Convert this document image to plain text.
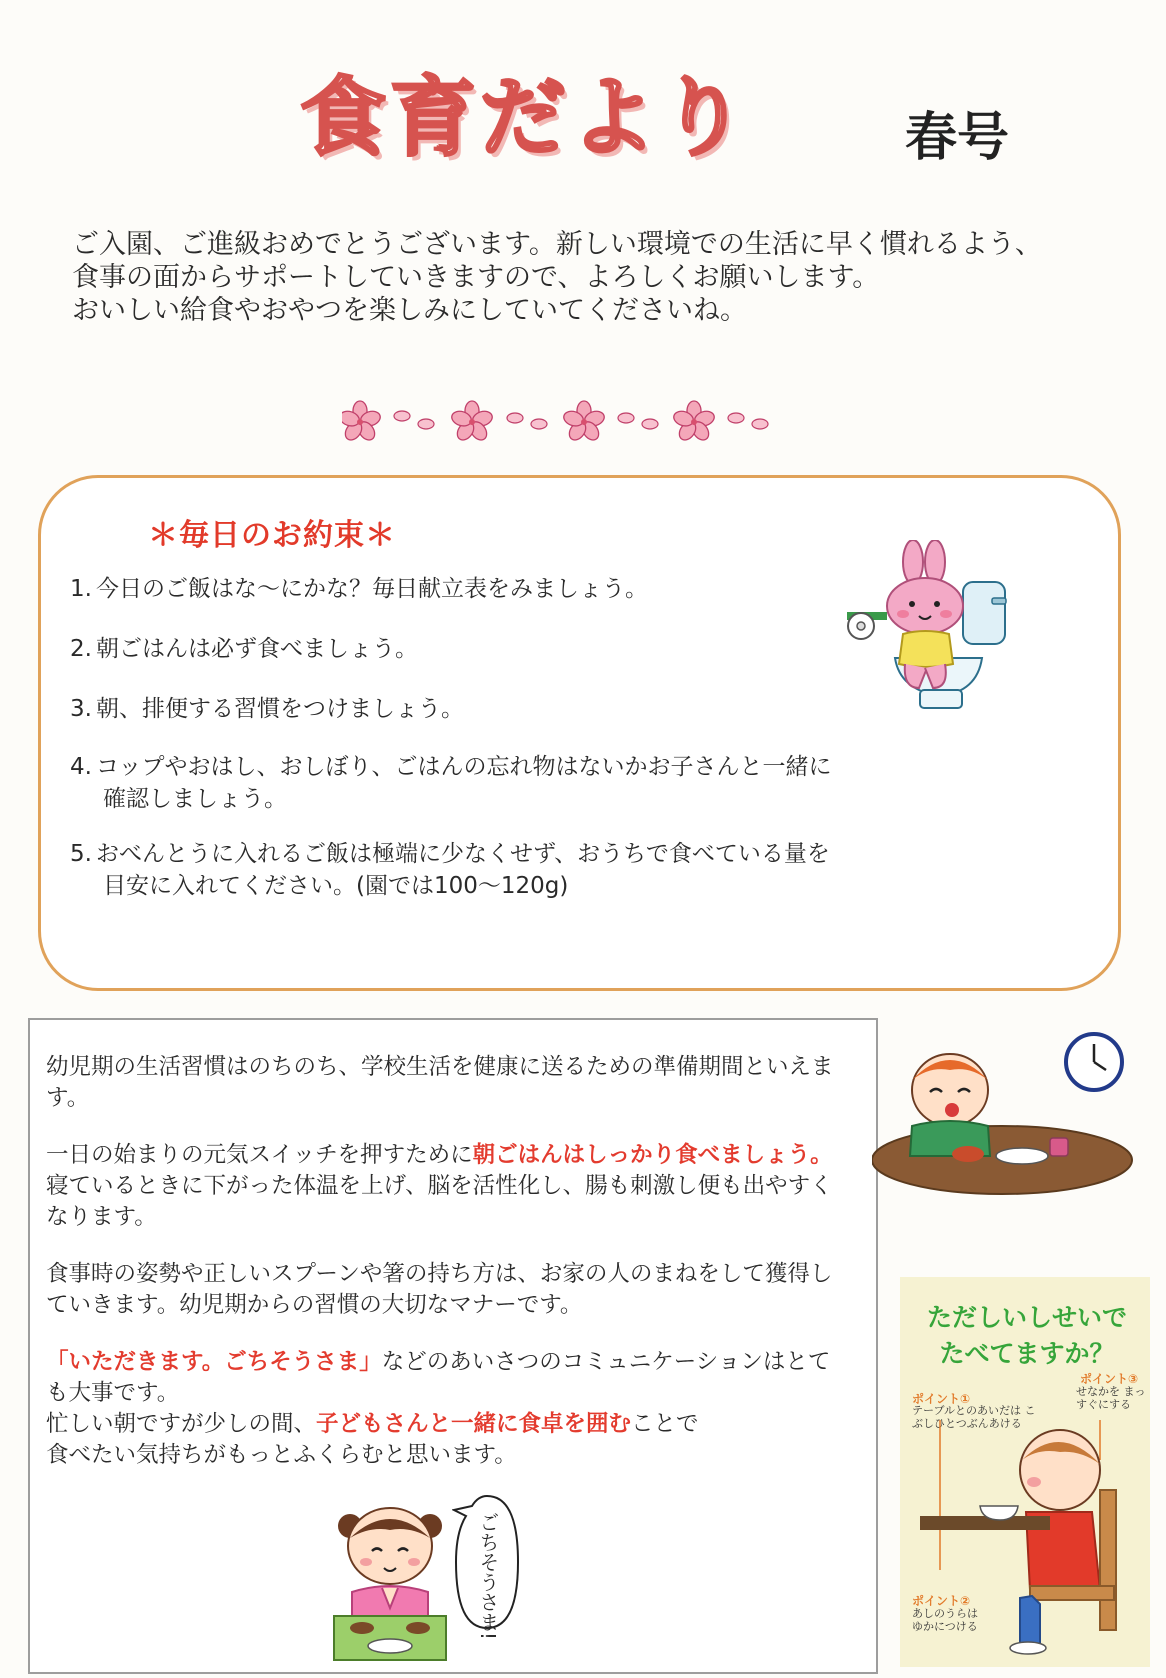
食育だより	春号

ご入園、ご進級おめでとうございます。新しい環境での生活に早く慣れるよう、

食事の面からサポートしていきますので、よろしくお願いします。

おいしい給食やおやつを楽しみにしていてくださいね。

＊毎日のお約束＊
1. 今日のご飯はな～にかな？毎日献立表をみましょう。
2. 朝ごはんは必ず食べましょう。
3. 朝、排便する習慣をつけましょう。
4. コップやおはし、おしぼり、ごはんの忘れ物はないかお子さんと一緒に
確認しましょう。
5. おべんとうに入れるご飯は極端に少なくせず、おうちで食べている量を
目安に入れてください。(園では100～120g)

幼児期の生活習慣はのちのち、学校生活を健康に送るための準備期間といえます。

一日の始まりの元気スイッチを押すために朝ごはんはしっかり食べましょう。
寝ているときに下がった体温を上げ、脳を活性化し、腸も刺激し便も出やすくなります。

食事時の姿勢や正しいスプーンや箸の持ち方は、お家の人のまねをして獲得していきます。幼児期からの習慣の大切なマナーです。

「いただきます。ごちそうさま」などのあいさつのコミュニケーションはとても大事です。
忙しい朝ですが少しの間、子どもさんと一緒に食卓を囲むことで
食べたい気持ちがもっとふくらむと思います。

ごちそうさま!
ただしいしせいで
たべてますか？
ポイント①
テーブルとのあいだは こぶしひとつぶんあける
ポイント③
せなかを まっすぐにする
ポイント②
あしのうらは ゆかにつける
